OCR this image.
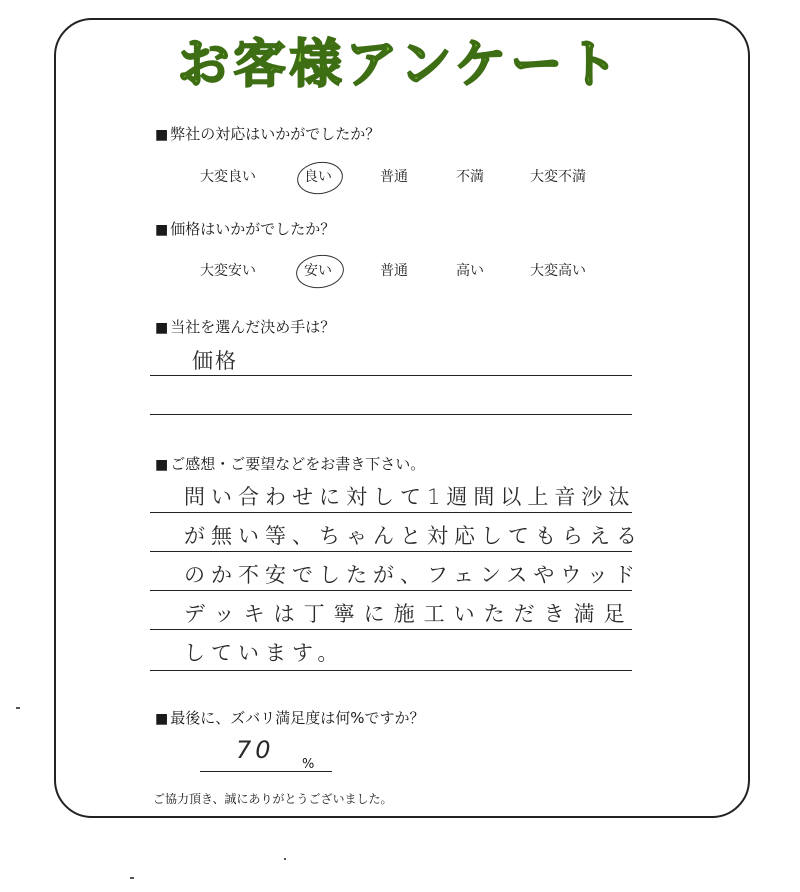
お客様アンケート
■ 弊社の対応はいかがでしたか？
大変良い	良い	普通	不満	大変不満
■ 価格はいかがでしたか？
大変安い	安い	普通	高い	大変高い
■ 当社を選んだ決め手は？
価格
■ ご感想・ご要望などをお書き下さい。
問い合わせに対して1週間以上音沙汰
が無い等、ちゃんと対応してもらえる
のか不安でしたが、フェンスやウッド
デッキは丁寧に施工いただき満足
しています。
■ 最後に、ズバリ満足度は何%ですか？
70
%
ご協力頂き、誠にありがとうございました。
